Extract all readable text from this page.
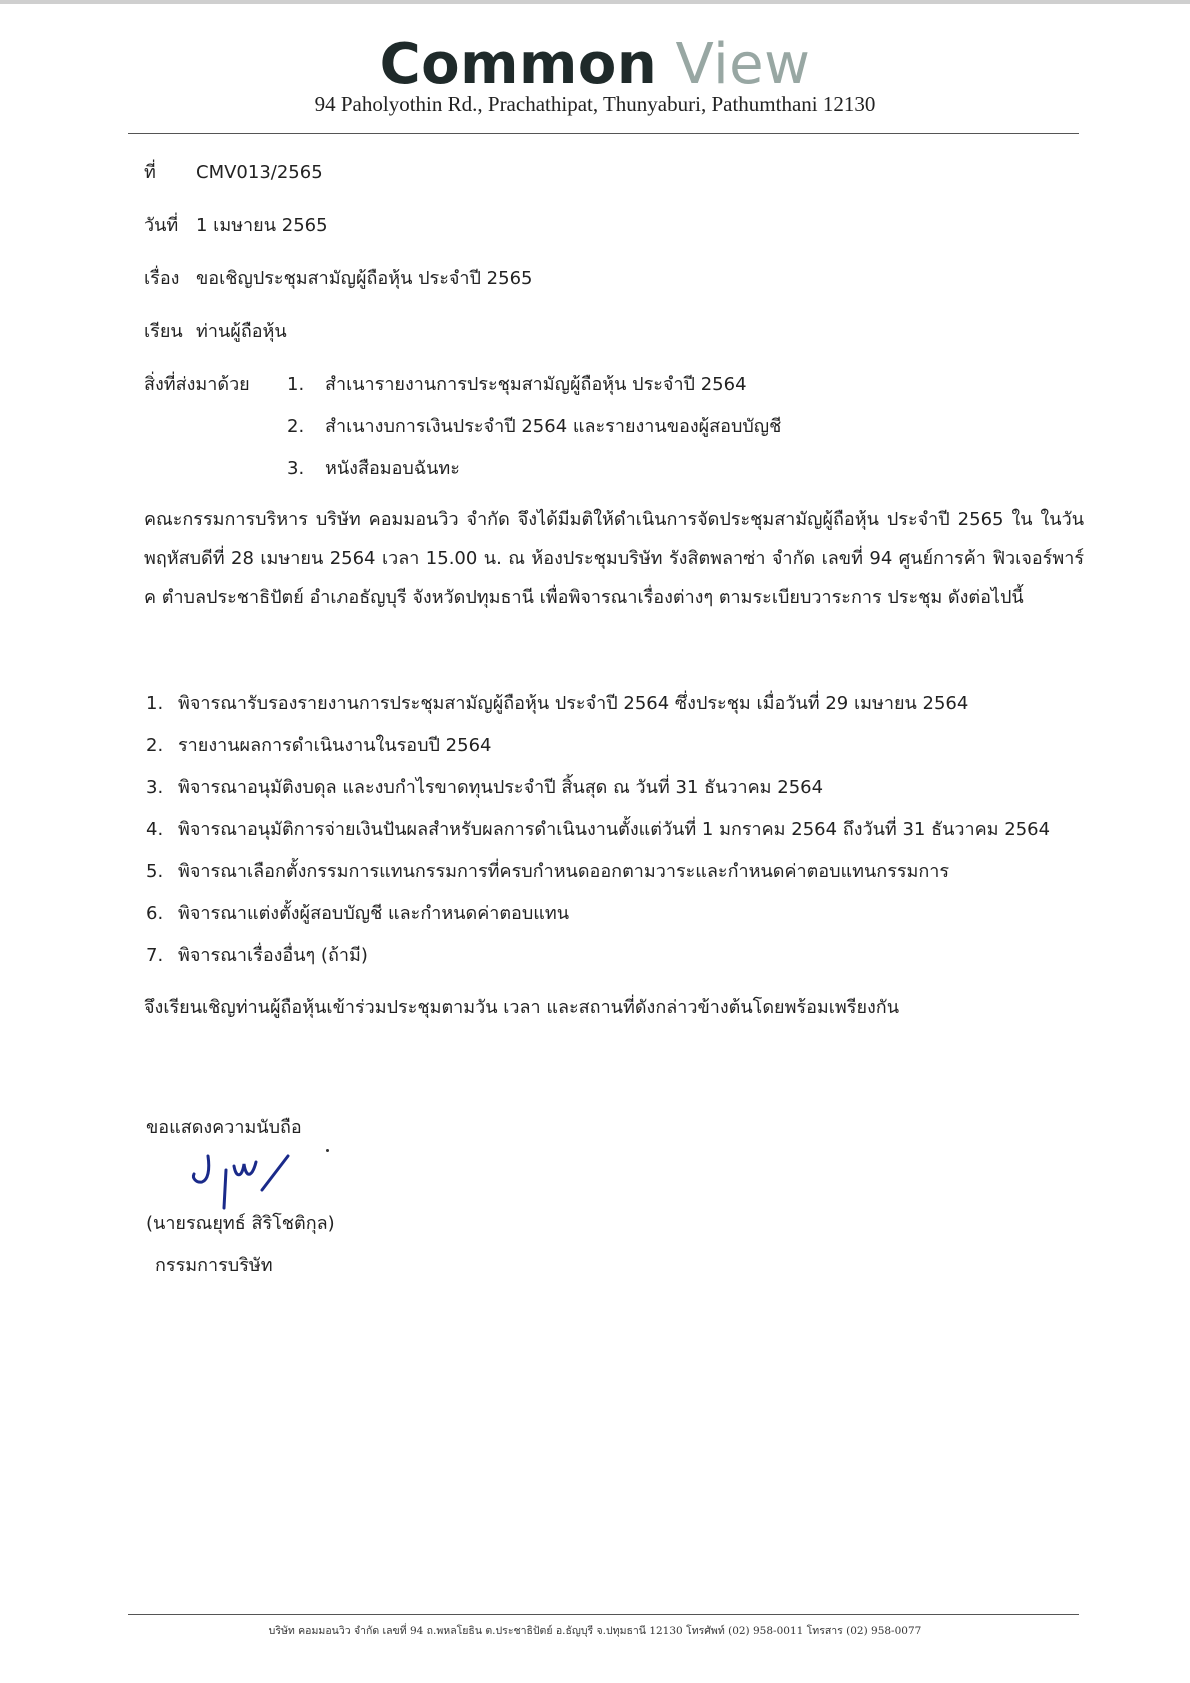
Common View
94 Paholyothin Rd., Prachathipat, Thunyaburi, Pathumthani 12130
ที่ CMV013/2565
วันที่ 1 เมษายน 2565
เรื่อง ขอเชิญประชุมสามัญผู้ถือหุ้น ประจำปี 2565
เรียน ท่านผู้ถือหุ้น
สิ่งที่ส่งมาด้วย 1. สำเนารายงานการประชุมสามัญผู้ถือหุ้น ประจำปี 2564
2. สำเนางบการเงินประจำปี 2564 และรายงานของผู้สอบบัญชี
3. หนังสือมอบฉันทะ
คณะกรรมการบริหาร บริษัท คอมมอนวิว จำกัด จึงได้มีมติให้ดำเนินการจัดประชุมสามัญผู้ถือหุ้น ประจำปี 2565 ใน ในวันพฤหัสบดีที่ 28 เมษายน 2564 เวลา 15.00 น. ณ ห้องประชุมบริษัท รังสิตพลาซ่า จำกัด เลขที่ 94 ศูนย์การค้า ฟิวเจอร์พาร์ค ตำบลประชาธิปัตย์ อำเภอธัญบุรี จังหวัดปทุมธานี เพื่อพิจารณาเรื่องต่างๆ ตามระเบียบวาระการ ประชุม ดังต่อไปนี้
1. พิจารณารับรองรายงานการประชุมสามัญผู้ถือหุ้น ประจำปี 2564 ซึ่งประชุม เมื่อวันที่ 29 เมษายน 2564
2. รายงานผลการดำเนินงานในรอบปี 2564
3. พิจารณาอนุมัติงบดุล และงบกำไรขาดทุนประจำปี สิ้นสุด ณ วันที่ 31 ธันวาคม 2564
4. พิจารณาอนุมัติการจ่ายเงินปันผลสำหรับผลการดำเนินงานตั้งแต่วันที่ 1 มกราคม 2564 ถึงวันที่ 31 ธันวาคม 2564
5. พิจารณาเลือกตั้งกรรมการแทนกรรมการที่ครบกำหนดออกตามวาระและกำหนดค่าตอบแทนกรรมการ
6. พิจารณาแต่งตั้งผู้สอบบัญชี และกำหนดค่าตอบแทน
7. พิจารณาเรื่องอื่นๆ (ถ้ามี)
จึงเรียนเชิญท่านผู้ถือหุ้นเข้าร่วมประชุมตามวัน เวลา และสถานที่ดังกล่าวข้างต้นโดยพร้อมเพรียงกัน
ขอแสดงความนับถือ
(นายรณยุทธ์ สิริโชติกุล)
กรรมการบริษัท
บริษัท คอมมอนวิว จำกัด เลขที่ 94 ถ.พหลโยธิน ต.ประชาธิปัตย์ อ.ธัญบุรี จ.ปทุมธานี 12130 โทรศัพท์ (02) 958-0011 โทรสาร (02) 958-0077
